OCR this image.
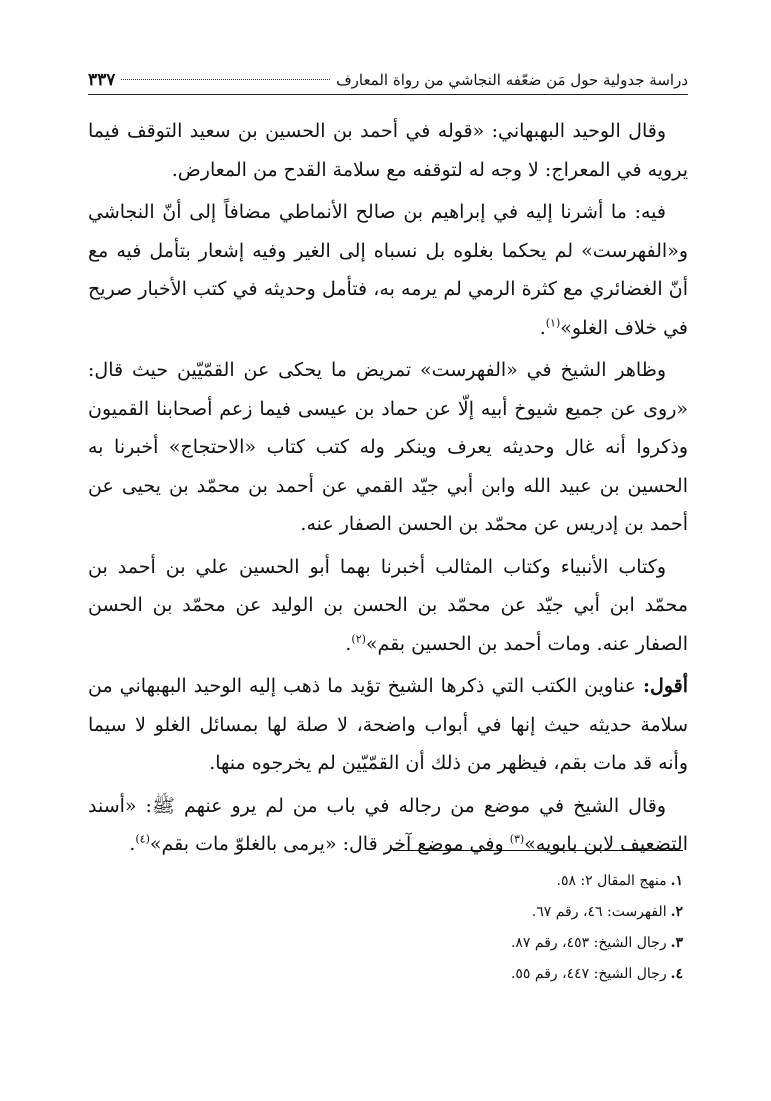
دراسة جدولية حول مَن ضعّفه النجاشي من رواة المعارف
٣٣٧

وقال الوحيد البهبهاني: «قوله في أحمد بن الحسين بن سعيد التوقف فيما يرويه في المعراج: لا وجه له لتوقفه مع سلامة القدح من المعارض.

فيه: ما أشرنا إليه في إبراهيم بن صالح الأنماطي مضافاً إلى أنّ النجاشي و«الفهرست» لم يحكما بغلوه بل نسباه إلى الغير وفيه إشعار بتأمل فيه مع أنّ الغضائري مع كثرة الرمي لم يرمه به، فتأمل وحديثه في كتب الأخبار صريح في خلاف الغلو»$^{(١)}$.

وظاهر الشيخ في «الفهرست» تمريض ما يحكى عن القمّيّين حيث قال: «روى عن جميع شيوخ أبيه إلّا عن حماد بن عيسى فيما زعم أصحابنا القميون وذكروا أنه غال وحديثه يعرف وينكر وله كتب كتاب «الاحتجاج» أخبرنا به الحسين بن عبيد الله وابن أبي جيّد القمي عن أحمد بن محمّد بن يحيى عن أحمد بن إدريس عن محمّد بن الحسن الصفار عنه.

وكتاب الأنبياء وكتاب المثالب أخبرنا بهما أبو الحسين علي بن أحمد بن محمّد ابن أبي جيّد عن محمّد بن الحسن بن الوليد عن محمّد بن الحسن الصفار عنه. ومات أحمد بن الحسين بقم»$^{(٢)}$.

أقول: عناوين الكتب التي ذكرها الشيخ تؤيد ما ذهب إليه الوحيد البهبهاني من سلامة حديثه حيث إنها في أبواب واضحة، لا صلة لها بمسائل الغلو لا سيما وأنه قد مات بقم، فيظهر من ذلك أن القمّيّين لم يخرجوه منها.

وقال الشيخ في موضع من رجاله في باب من لم يرو عنهم ﷺ: «أسند التضعيف لابن بابويه»$^{(٣)}$ وفي موضع آخر قال: «يرمى بالغلوّ مات بقم»$^{(٤)}$.

١.
منهج المقال ٢: ٥٨.
٢.
الفهرست: ٤٦، رقم ٦٧.
٣.
رجال الشيخ: ٤٥٣، رقم ٨٧.
٤.
رجال الشيخ: ٤٤٧، رقم ٥٥.
